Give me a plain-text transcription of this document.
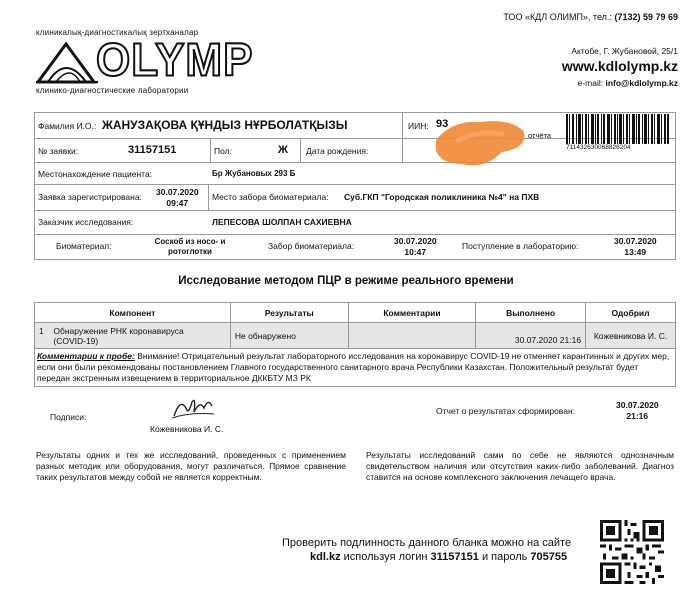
клиникалық-диагностикалық зертханалар
OLYMP
клинико-диагностические лаборатории
ТОО «КДЛ ОЛИМП», тел.: (7132) 59 79 69
Актобе, Г. Жубановой, 25/1
www.kdlolymp.kz
e-mail: info@kdlolymp.kz
Фамилия И.О.: ЖАНУЗАҚОВА ҚҰНДЫЗ НҰРБОЛАТҚЫЗЫ	ИИН: 93
отчёта
711432630068826204
№ заявки:	31157151	Пол:	Ж Дата рождения:
Местонахождение пациента:	Бр Жубановых 293 Б
Заявка зарегистрирована: 30.07.2020
09:47
Место забора биоматериала: Суб.ГКП "Городская поликлиника №4" на ПХВ
Заказчик исследования:	ЛЕПЕСОВА ШОЛПАН САХИЕВНА
Биоматериал:	Соскоб из носо- и ротоглотки
Забор биоматериала:	30.07.2020
10:47
Поступление в лабораторию:	30.07.2020
13:49
Исследование методом ПЦР в режиме реального времени
Компонент	Результаты	Комментарии	Выполнено	Одобрил
1 Обнаружение РНК коронавируса (COVID-19)	Не обнаружено		30.07.2020 21:16	Кожевникова И. С.
Комментарии к пробе: Внимание! Отрицательный результат лабораторного исследования на коронавирус COVID-19 не отменяет карантинных и других мер, если они были рекомендованы постановлением Главного государственного санитарного врача Республики Казахстан. Положительный результат будет передан экстренным извещением в территориальное ДККБТУ МЗ РК				
Подписи:
Кожевникова И. С.
Отчет о результатах сформирован:
30.07.2020
21:16
Результаты одних и тех же исследований, проведенных с применением разных методик или оборудования, могут различаться. Прямое сравнение таких результатов между собой не является корректным.
Результаты исследований сами по себе не являются однозначным свидетельством наличия или отсутствия каких-либо заболеваний. Диагноз ставится на основе комплексного заключения лечащего врача.
Проверить подлинность данного бланка можно на сайте
kdl.kz используя логин 31157151 и пароль 705755
